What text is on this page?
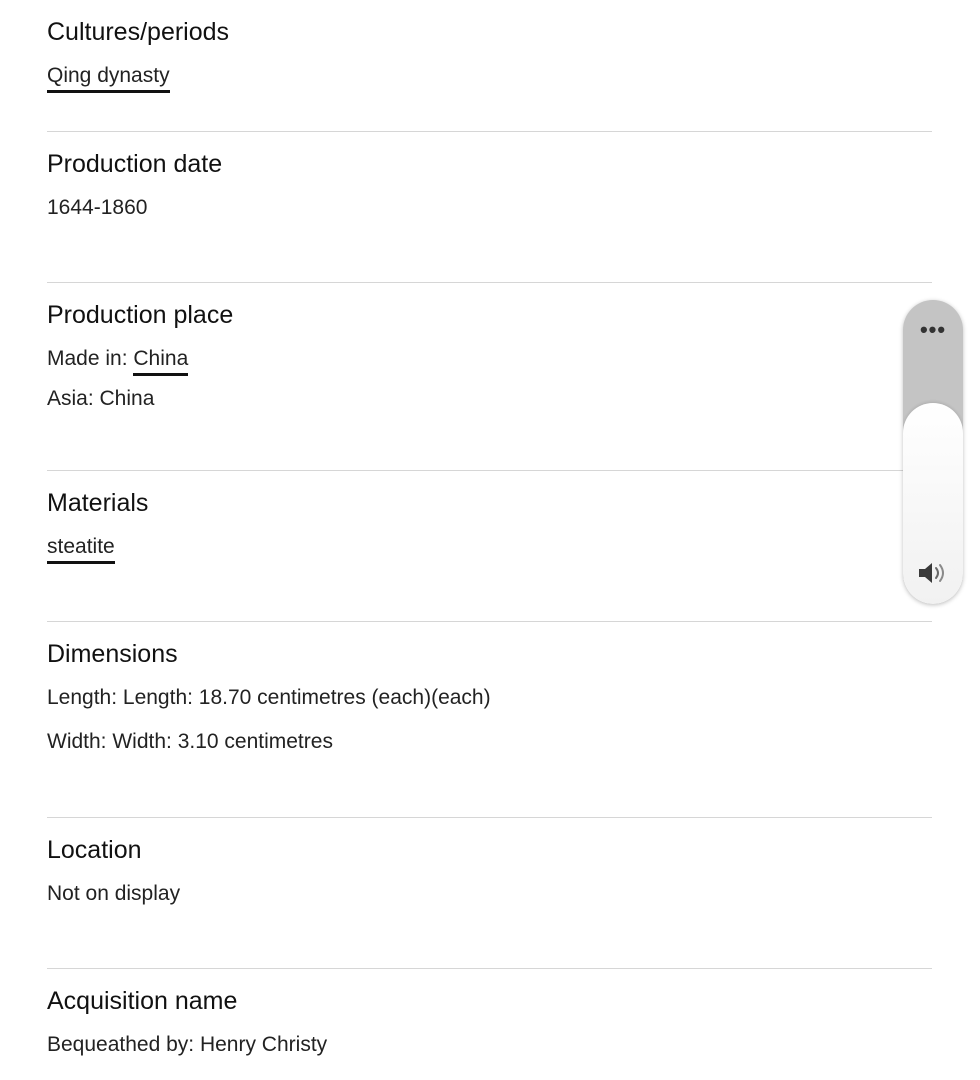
Cultures/periods
Qing dynasty
Production date
1644-1860
Production place
Made in: China
Asia: China
Materials
steatite
Dimensions
Length: Length: 18.70 centimetres (each)(each)
Width: Width: 3.10 centimetres
Location
Not on display
Acquisition name
Bequeathed by: Henry Christy
•••
